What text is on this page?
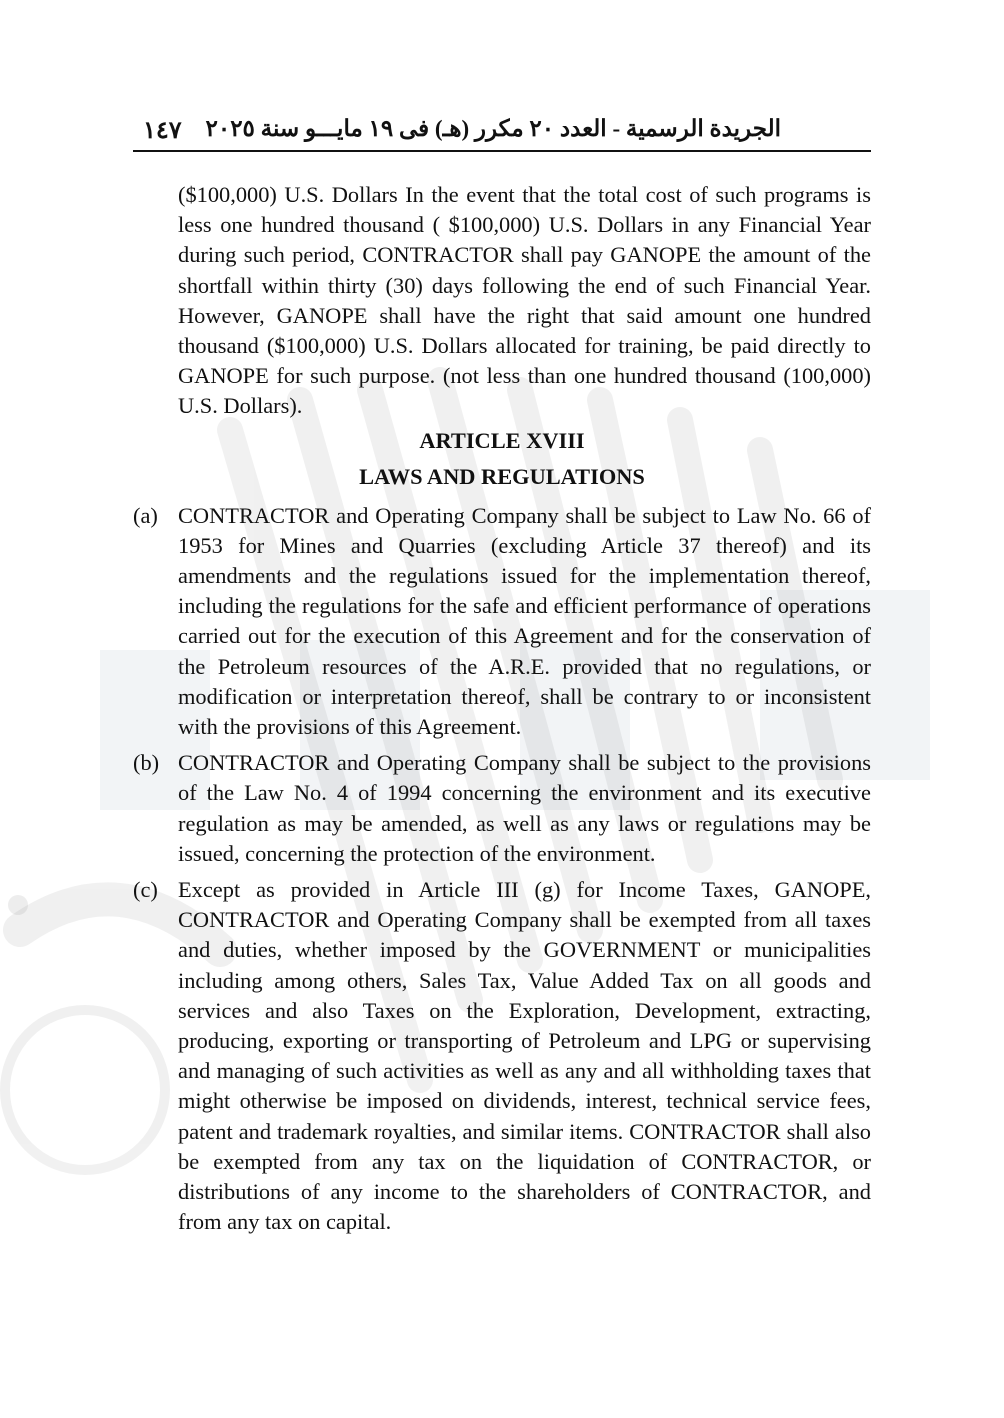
١٤٧ الجريدة الرسمية - العدد ٢٠ مكرر (هـ) فى ١٩ مايـــو سنة ٢٠٢٥
($100,000) U.S. Dollars In the event that the total cost of such programs is less one hundred thousand ( $100,000) U.S. Dollars in any Financial Year during such period, CONTRACTOR shall pay GANOPE the amount of the shortfall within thirty (30) days following the end of such Financial Year. However, GANOPE shall have the right that said amount one hundred thousand ($100,000) U.S. Dollars allocated for training, be paid directly to GANOPE for such purpose. (not less than one hundred thousand (100,000) U.S. Dollars).
ARTICLE XVIII
LAWS AND REGULATIONS
(a) CONTRACTOR and Operating Company shall be subject to Law No. 66 of 1953 for Mines and Quarries (excluding Article 37 thereof) and its amendments and the regulations issued for the implementation thereof, including the regulations for the safe and efficient performance of operations carried out for the execution of this Agreement and for the conservation of the Petroleum resources of the A.R.E. provided that no regulations, or modification or interpretation thereof, shall be contrary to or inconsistent with the provisions of this Agreement.
(b) CONTRACTOR and Operating Company shall be subject to the provisions of the Law No. 4 of 1994 concerning the environment and its executive regulation as may be amended, as well as any laws or regulations may be issued, concerning the protection of the environment.
(c) Except as provided in Article III (g) for Income Taxes, GANOPE, CONTRACTOR and Operating Company shall be exempted from all taxes and duties, whether imposed by the GOVERNMENT or municipalities including among others, Sales Tax, Value Added Tax on all goods and services and also Taxes on the Exploration, Development, extracting, producing, exporting or transporting of Petroleum and LPG or supervising and managing of such activities as well as any and all withholding taxes that might otherwise be imposed on dividends, interest, technical service fees, patent and trademark royalties, and similar items. CONTRACTOR shall also be exempted from any tax on the liquidation of CONTRACTOR, or distributions of any income to the shareholders of CONTRACTOR, and from any tax on capital.
